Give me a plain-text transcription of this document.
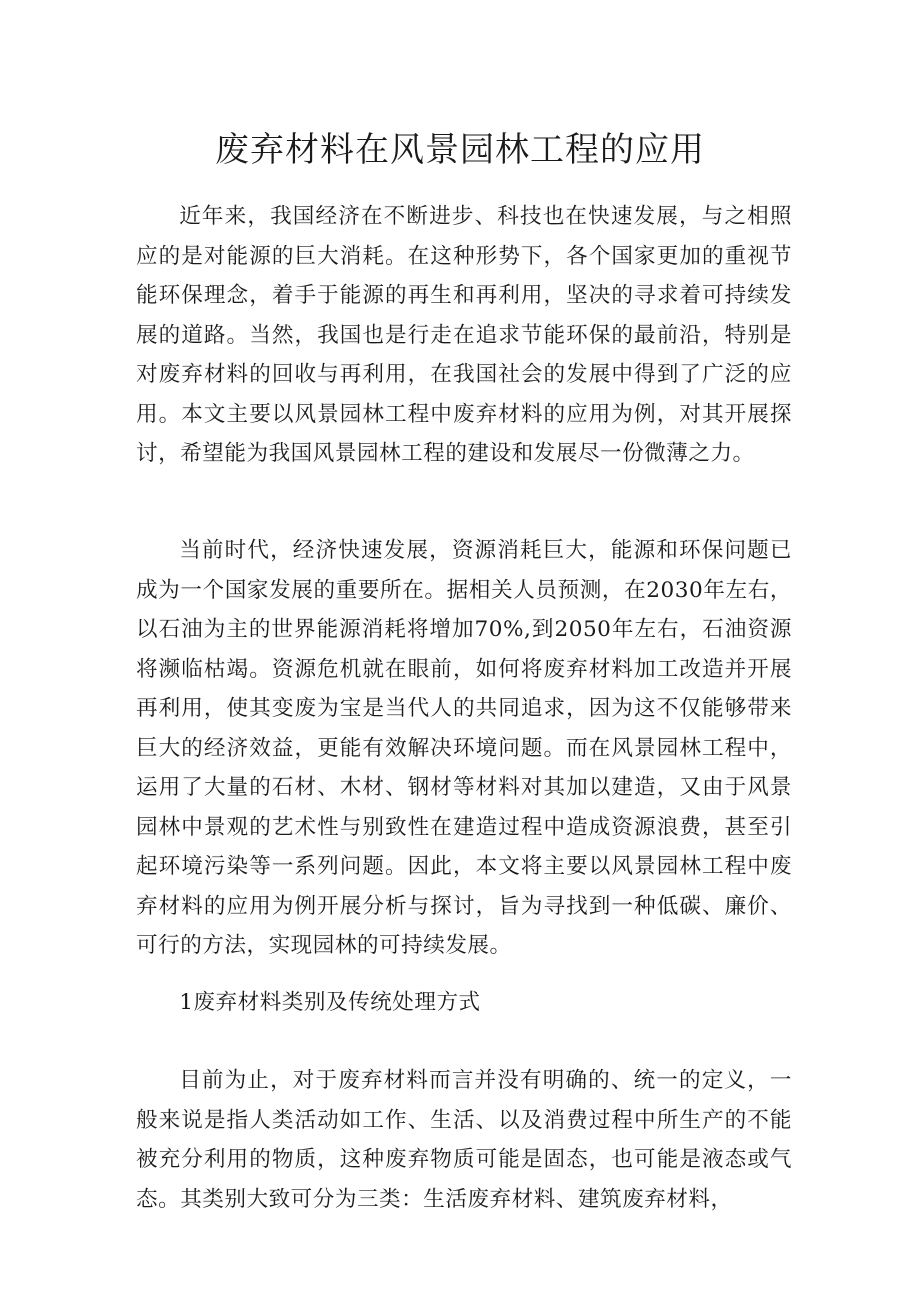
废弃材料在风景园林工程的应用

近年来，我国经济在不断进步、科技也在快速发展，与之相照应的是对能源的巨大消耗。在这种形势下，各个国家更加的重视节能环保理念，着手于能源的再生和再利用，坚决的寻求着可持续发展的道路。当然，我国也是行走在追求节能环保的最前沿，特别是对废弃材料的回收与再利用，在我国社会的发展中得到了广泛的应用。本文主要以风景园林工程中废弃材料的应用为例，对其开展探讨，希望能为我国风景园林工程的建设和发展尽一份微薄之力。

当前时代，经济快速发展，资源消耗巨大，能源和环保问题已成为一个国家发展的重要所在。据相关人员预测，在2030年左右，以石油为主的世界能源消耗将增加70%,到2050年左右，石油资源将濒临枯竭。资源危机就在眼前，如何将废弃材料加工改造并开展再利用，使其变废为宝是当代人的共同追求，因为这不仅能够带来巨大的经济效益，更能有效解决环境问题。而在风景园林工程中，运用了大量的石材、木材、钢材等材料对其加以建造，又由于风景园林中景观的艺术性与别致性在建造过程中造成资源浪费，甚至引起环境污染等一系列问题。因此，本文将主要以风景园林工程中废弃材料的应用为例开展分析与探讨，旨为寻找到一种低碳、廉价、可行的方法，实现园林的可持续发展。

1废弃材料类别及传统处理方式

目前为止，对于废弃材料而言并没有明确的、统一的定义，一般来说是指人类活动如工作、生活、以及消费过程中所生产的不能被充分利用的物质，这种废弃物质可能是固态，也可能是液态或气态。其类别大致可分为三类：生活废弃材料、建筑废弃材料，
